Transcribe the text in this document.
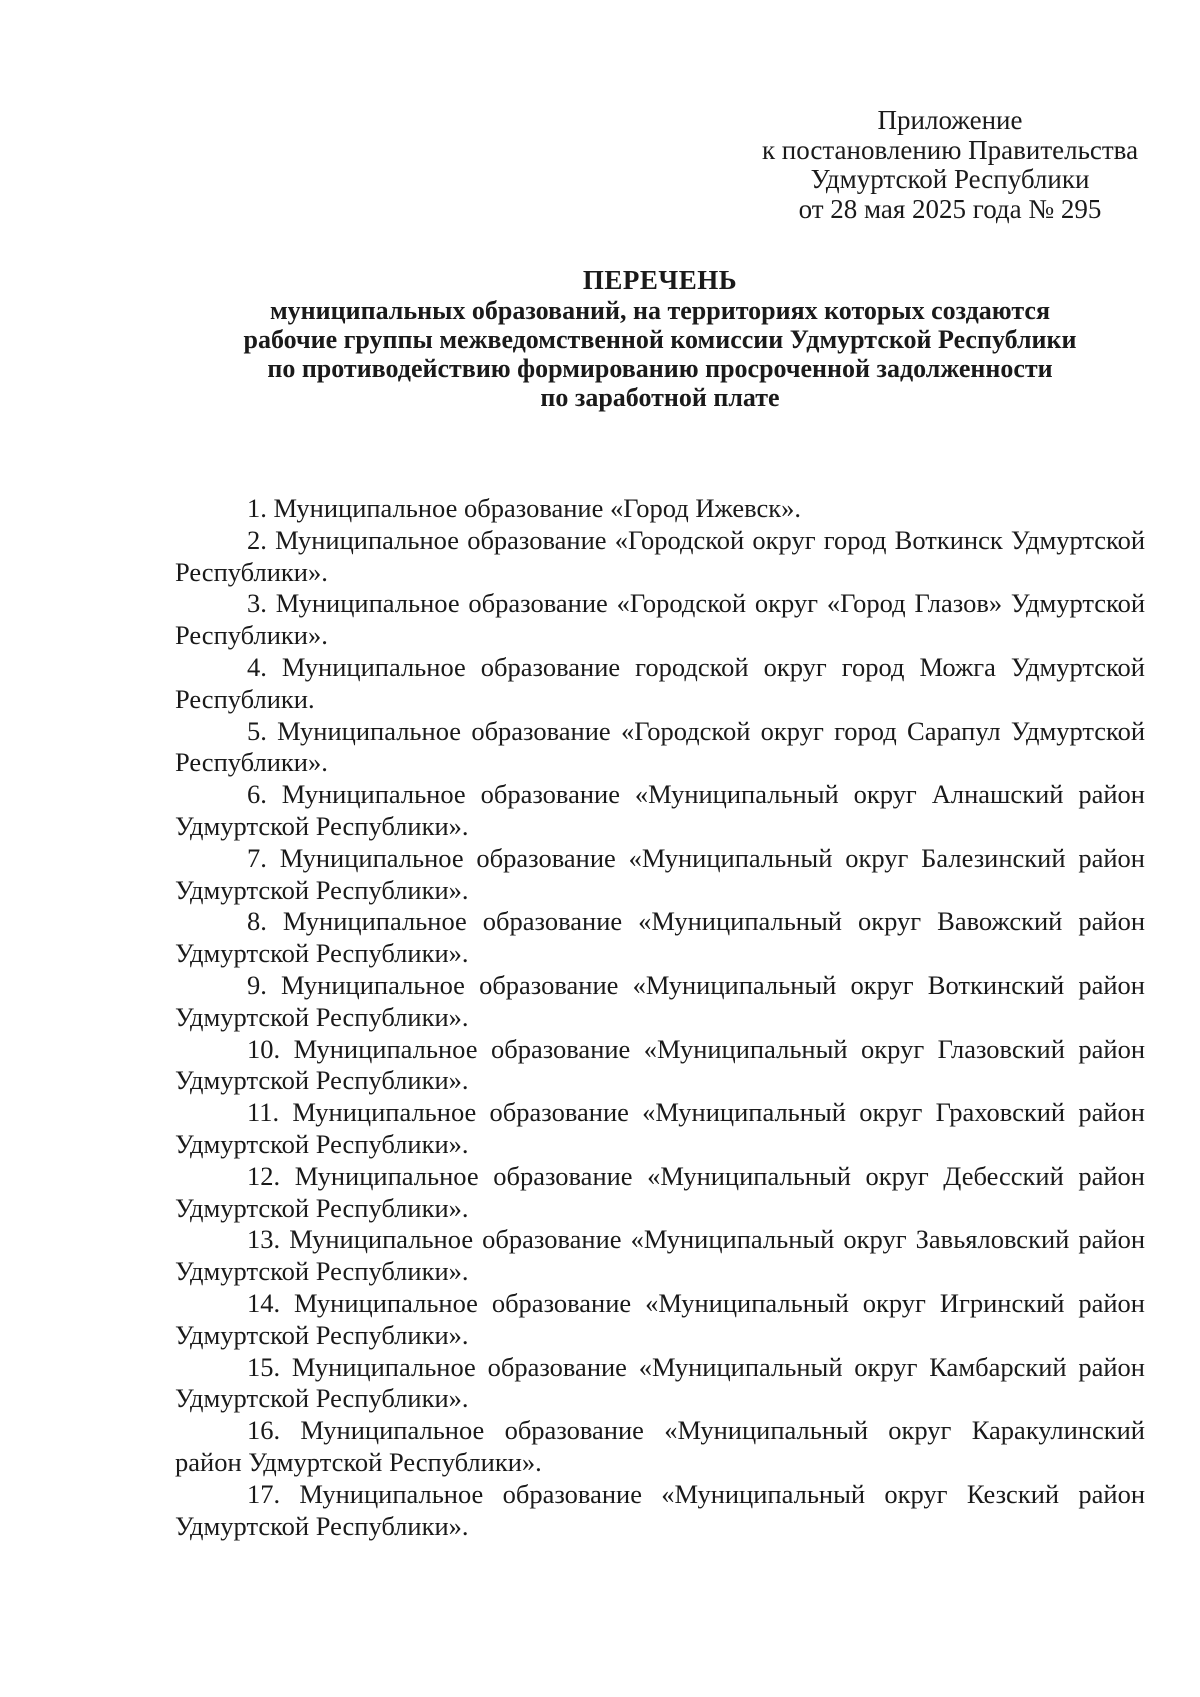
Приложение
к постановлению Правительства
Удмуртской Республики
от 28 мая 2025 года № 295
ПЕРЕЧЕНЬ
муниципальных образований, на территориях которых создаются
рабочие группы межведомственной комиссии Удмуртской Республики
по противодействию формированию просроченной задолженности
по заработной плате

1. Муниципальное образование «Город Ижевск».

2. Муниципальное образование «Городской округ город Воткинск Удмуртской Республики».

3. Муниципальное образование «Городской округ «Город Глазов» Удмуртской Республики».

4. Муниципальное образование городской округ город Можга Удмуртской Республики.

5. Муниципальное образование «Городской округ город Сарапул Удмуртской Республики».

6. Муниципальное образование «Муниципальный округ Алнашский район Удмуртской Республики».

7. Муниципальное образование «Муниципальный округ Балезинский район Удмуртской Республики».

8. Муниципальное образование «Муниципальный округ Вавожский район Удмуртской Республики».

9. Муниципальное образование «Муниципальный округ Воткинский район Удмуртской Республики».

10. Муниципальное образование «Муниципальный округ Глазовский район Удмуртской Республики».

11. Муниципальное образование «Муниципальный округ Граховский район Удмуртской Республики».

12. Муниципальное образование «Муниципальный округ Дебесский район Удмуртской Республики».

13. Муниципальное образование «Муниципальный округ Завьяловский район Удмуртской Республики».

14. Муниципальное образование «Муниципальный округ Игринский район Удмуртской Республики».

15. Муниципальное образование «Муниципальный округ Камбарский район Удмуртской Республики».

16. Муниципальное образование «Муниципальный округ Каракулинский район Удмуртской Республики».

17. Муниципальное образование «Муниципальный округ Кезский район Удмуртской Республики».
